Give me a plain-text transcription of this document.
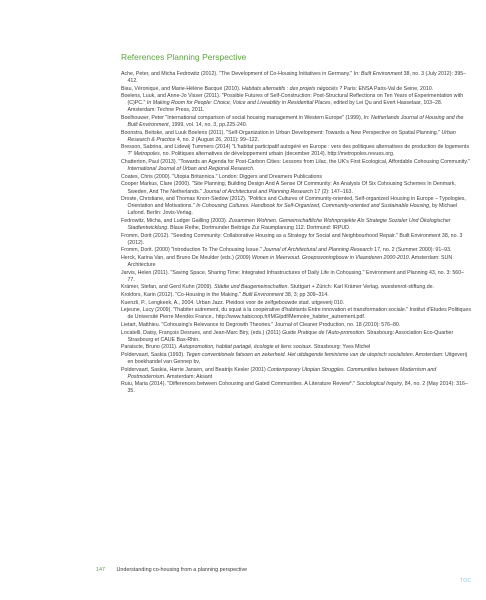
References Planning Perspective
Ache, Peter, and Micha Fedrowitz (2012). "The Development of Co-Housing Initiatives in Germany." In: Built Environment 38, no. 3 (July 2012): 395–412.
Biau, Véronique, and Marie-Hélène Bacqué (2010). Habitats alternatifs : des projets négociés ? Paris: ENSA Paris-Val de Seine, 2010.
Boelens, Luuk, and Anne-Jo Visser (2011). "Possible Futures of Self-Construction: Post-Structural Reflections on Ten Years of Experimentation with (C)PC." In Making Room for People: Choice, Voice and Liveability in Residential Places, edited by Lei Qu and Evert Hasselaar, 103–28. Amsterdam: Techne Press, 2011.
Boelhouwer, Peter "International comparison of social housing management in Western Europe" (1999), In: Netherlands Journal of Housing and the Built Environment, 1999, vol. 14, no. 3, pp.225-240.
Boonstra, Beitske, and Luuk Boelens (2011). "Self-Organization in Urban Development: Towards a New Perspective on Spatial Planning." Urban Research & Practice 4, no. 2 (August 26, 2011): 99–122.
Bresson, Sabrina, and Lidewij Tummers (2014) "L'habitat participatif autogéré en Europe : vers des politiques alternatives de production de logements ?" Metropoles, no. Politiques alternatives de développement urbain (december 2014). http://metropoles.revues.org.
Chatterton, Paul (2013). "Towards an Agenda for Post-Carbon Cities: Lessons from Lilac, the UK's First Ecological, Affordable Cohousing Community." International Journal of Urban and Regional Research.
Coates, Chris (2000). "Utopia Britannica." London: Diggers and Dreamers Publications
Cooper Markus, Clare (2000). "Site Planning, Building Design And A Sense Of Community: An Analysis Of Six Cohousing Schemes In Denmark, Sweden, And The Netherlands." Journal of Architectural and Planning Research 17 (2): 147–163.
Droste, Christiane, and Thomas Knorr-Siedow (2012). "Politics and Cultures of Community-oriented, Self-organized Housing in Europe – Typologies, Orientation and Motivations." In Cohousing Cultures. Handbook for Self-Organized, Community-oriented and Sustainable Housing, by Michael Lafond. Berlin: Jovis-Verlag.
Fedrowitz, Micha, and Ludger Gailling (2003). Zusammen Wohnen. Gemeinschaftliche Wohnprojekte Als Strategie Sozialer Und Ökologischer Stadtentwicklung. Blaue Reihe, Dortmunder Beiträge Zur Raumplanung 112. Dortmund: IRPUD.
Fromm, Dorit (2012). "Seeding Community: Collaborative Housing as a Strategy for Social and Neighbourhood Repair." Built Environment 38, no. 3 (2012).
Fromm, Dorit. (2000) "Introduction To The Cohousing Issue." Journal of Architectural and Planning Research 17, no. 2 (Summer 2000): 91–93.
Herck, Karina Van, and Bruno De Meulder (eds.) (2009) Wonen in Meervoud. Groepswoningbouw in Vlaanderen 2000-2010. Amsterdam: SUN Architecture
Jarvis, Helen (2011). "Saving Space, Sharing Time: Integrated Infrastructures of Daily Life in Cohousing." Environment and Planning 43, no. 3: 560–77.
Krämer, Stefan, and Gerd Kuhn (2009). Städte und Baugemeinschaften. Stuttgart + Zürich: Karl Krämer Verlag. wuestenrot-stiftung.de.
Krokfors, Karin (2012). "Co-Housing in the Making." Built Environment 38, 3; pp 309–314.
Kuenzli, P., Lengkeek, A., 2004. Urban Jazz. Pleidooi voor de zelfgebouwde stad. uitgeverij 010.
Lejeune, Lucy (2009). "l'habiter autrement, du squat à la coopérative d'habitants Entre innovation et transformation sociale." Institut d'Etudes Politiques de Université Pierre Mendès France,. http://www.habicoop.fr/IMG/pdf/Memoire_habiter_autrement.pdf.
Lietart, Matthieu. "Cohousing's Relevance to Degrowth Theories." Journal of Cleaner Production, no. 18 (2010): 576–80.
Locatelli, Daisy, François Desrues, and Jean-Marc Biry, (eds.) (2011) Guide Pratique de l'Auto-promotion. Strasbourg: Association Eco-Quartier Strasbourg et CAUE Bas-Rhin.
Paraiscte, Bruno (2011). Autopromotion, habitat partagé, écologie et liens sociaux. Strasbourg: Yves Michel
Poldervaart, Saskia (1993). Tegen conventionele fatsoen en zekerheid. Het uitdagende feminisme van de utopisch socialisten. Amsterdam: Uitgeverij en boekhandel van Gennep bv,
Poldervaart, Saskia, Harrie Jansen, and Beatrijs Kesler (2001) Contemporary Utopian Struggles. Communities between Modernism and Postmodernism. Amsterdam: Aksant
Ruiu, Maria (2014). "Differences between Cohousing and Gated Communities. A Literature Review*." Sociological Inquiry, 84, no. 2 (May 2014): 316–35.
147 Understanding co-housing from a planning perspective
TOC
